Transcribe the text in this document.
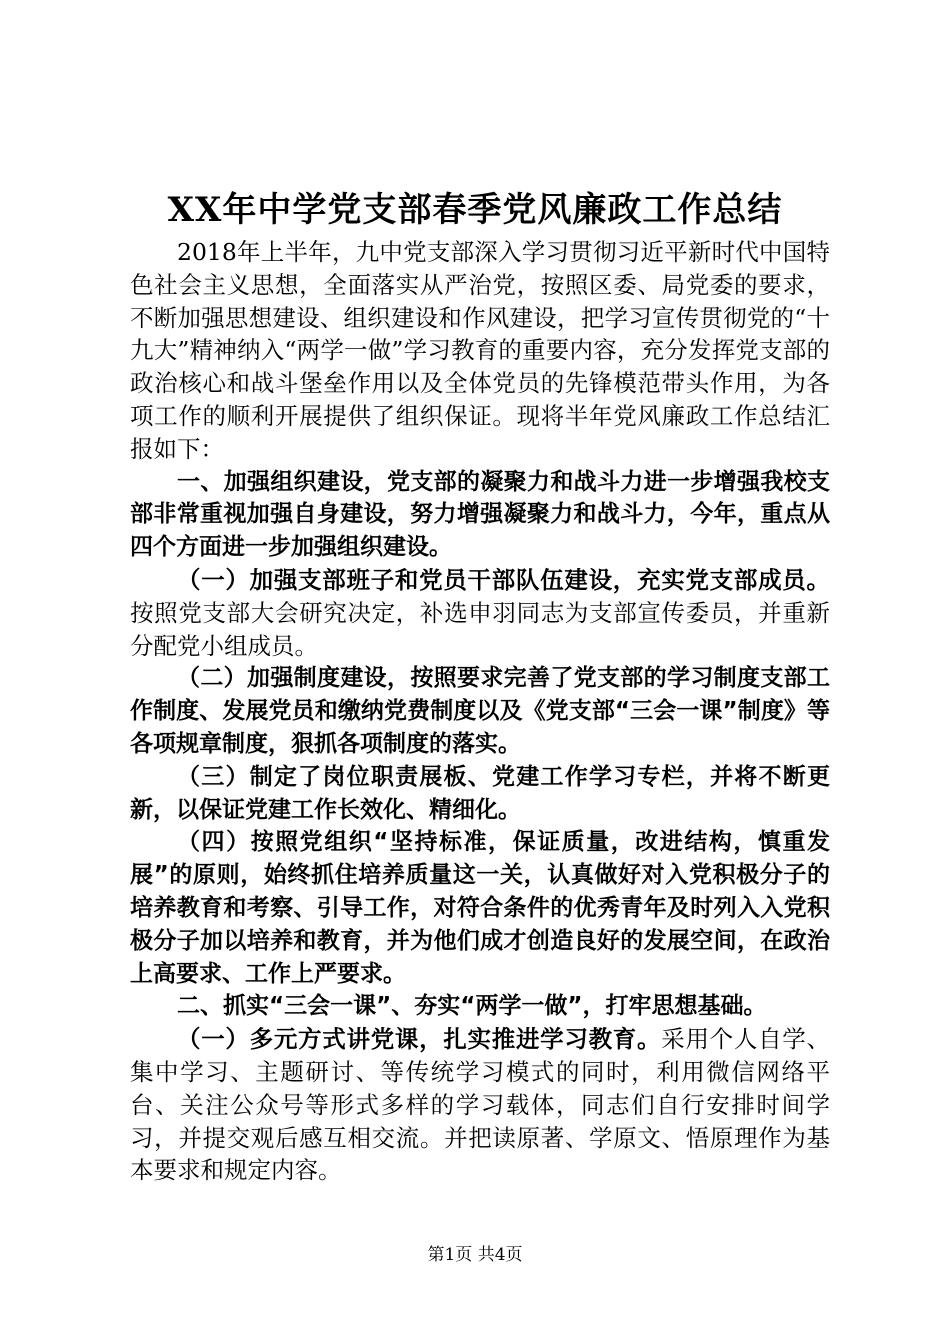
XX年中学党支部春季党风廉政工作总结

2018年上半年，九中党支部深入学习贯彻习近平新时代中国特色社会主义思想，全面落实从严治党，按照区委、局党委的要求，不断加强思想建设、组织建设和作风建设，把学习宣传贯彻党的“十九大”精神纳入“两学一做”学习教育的重要内容，充分发挥党支部的政治核心和战斗堡垒作用以及全体党员的先锋模范带头作用，为各项工作的顺利开展提供了组织保证。现将半年党风廉政工作总结汇报如下：

一、加强组织建设，党支部的凝聚力和战斗力进一步增强我校支部非常重视加强自身建设，努力增强凝聚力和战斗力，今年，重点从四个方面进一步加强组织建设。

（一）加强支部班子和党员干部队伍建设，充实党支部成员。按照党支部大会研究决定，补选申羽同志为支部宣传委员，并重新分配党小组成员。

（二）加强制度建设，按照要求完善了党支部的学习制度支部工作制度、发展党员和缴纳党费制度以及《党支部“三会一课”制度》等各项规章制度，狠抓各项制度的落实。

（三）制定了岗位职责展板、党建工作学习专栏，并将不断更新，以保证党建工作长效化、精细化。

（四）按照党组织“坚持标准，保证质量，改进结构，慎重发展”的原则，始终抓住培养质量这一关，认真做好对入党积极分子的培养教育和考察、引导工作，对符合条件的优秀青年及时列入入党积极分子加以培养和教育，并为他们成才创造良好的发展空间，在政治上高要求、工作上严要求。

二、抓实“三会一课”、夯实“两学一做”，打牢思想基础。

（一）多元方式讲党课，扎实推进学习教育。采用个人自学、集中学习、主题研讨、等传统学习模式的同时，利用微信网络平台、关注公众号等形式多样的学习载体，同志们自行安排时间学习，并提交观后感互相交流。并把读原著、学原文、悟原理作为基本要求和规定内容。

第1页 共4页
